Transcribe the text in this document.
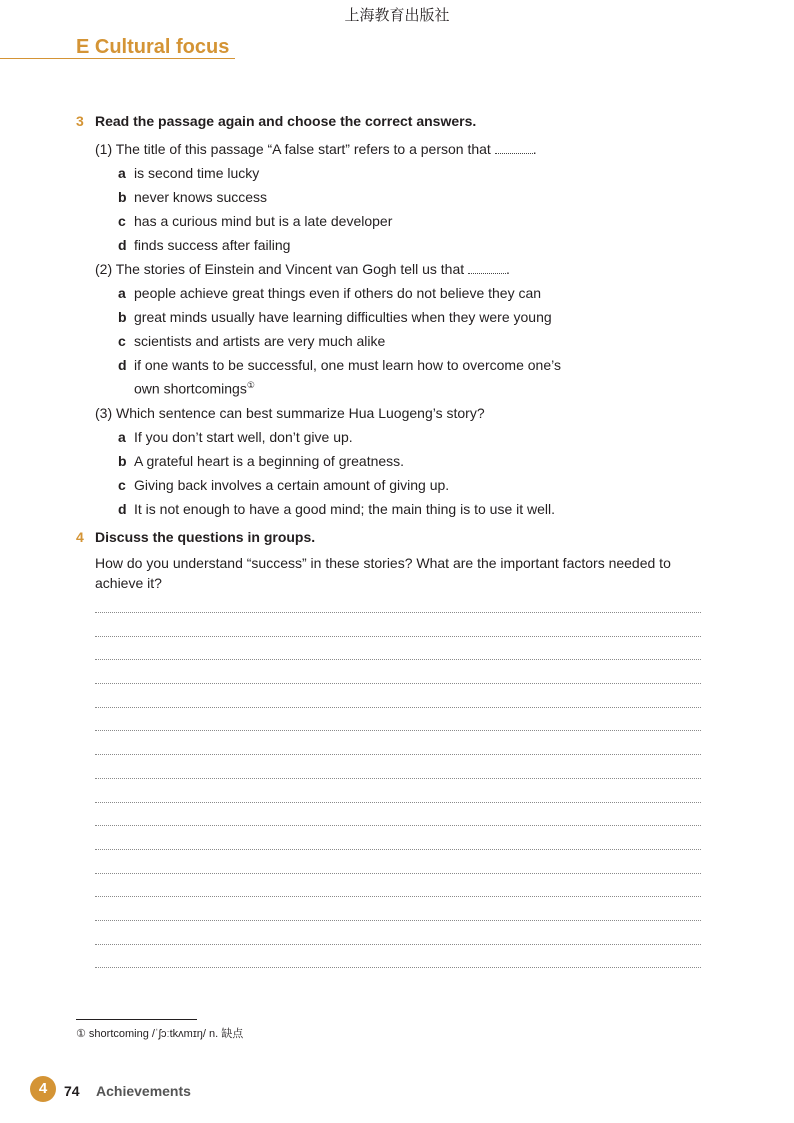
上海教育出版社
E Cultural focus
3 Read the passage again and choose the correct answers.
(1) The title of this passage “A false start” refers to a person that	.
a is second time lucky
b never knows success
c has a curious mind but is a late developer
d finds success after failing
(2) The stories of Einstein and Vincent van Gogh tell us that	.
a people achieve great things even if others do not believe they can
b great minds usually have learning difficulties when they were young
c scientists and artists are very much alike
d if one wants to be successful, one must learn how to overcome one’s own shortcomings①
(3) Which sentence can best summarize Hua Luogeng’s story?
a If you don’t start well, don’t give up.
b A grateful heart is a beginning of greatness.
c Giving back involves a certain amount of giving up.
d It is not enough to have a good mind; the main thing is to use it well.
4 Discuss the questions in groups.
How do you understand “success” in these stories? What are the important factors needed to achieve it?
① shortcoming /ˈʃɔːtkʌmɪŋ/ n. 缺点
4	74 Achievements
